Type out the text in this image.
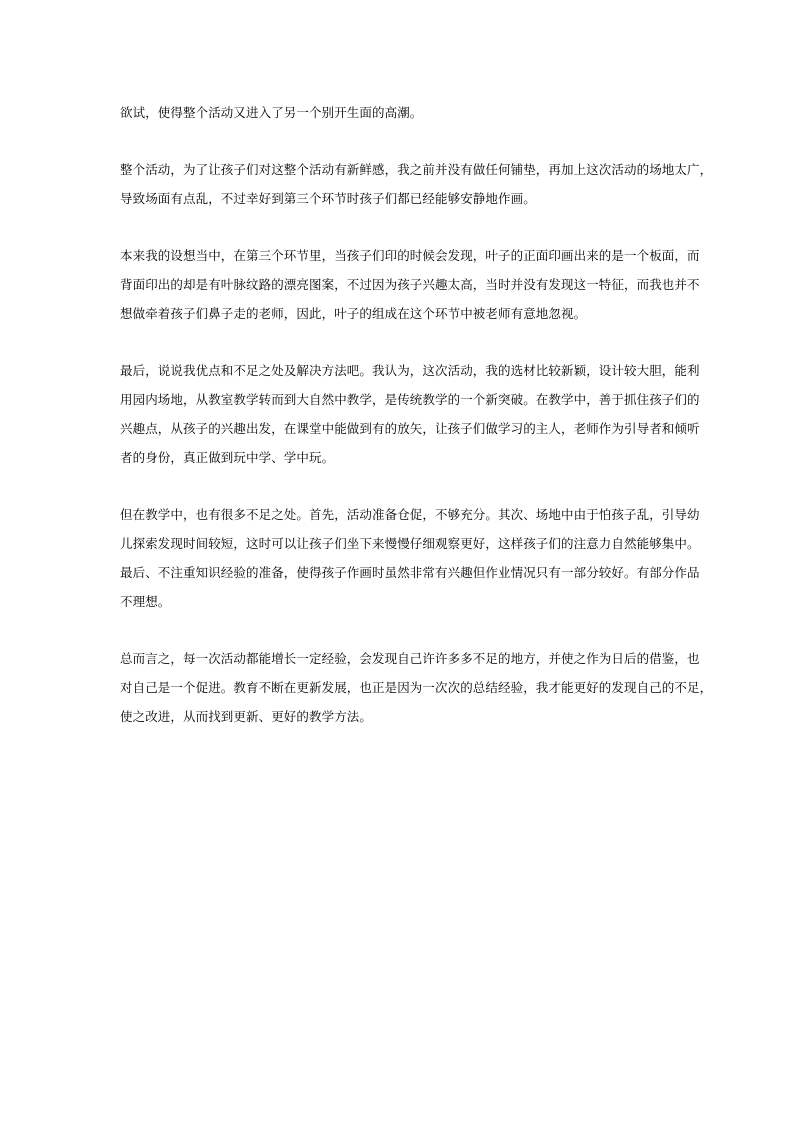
欲试，使得整个活动又进入了另一个别开生面的高潮。

整个活动，为了让孩子们对这整个活动有新鲜感，我之前并没有做任何铺垫，再加上这次活动的场地太广，
导致场面有点乱，不过幸好到第三个环节时孩子们都已经能够安静地作画。

本来我的设想当中，在第三个环节里，当孩子们印的时候会发现，叶子的正面印画出来的是一个板面，而
背面印出的却是有叶脉纹路的漂亮图案，不过因为孩子兴趣太高，当时并没有发现这一特征，而我也并不
想做牵着孩子们鼻子走的老师，因此，叶子的组成在这个环节中被老师有意地忽视。

最后，说说我优点和不足之处及解决方法吧。我认为，这次活动，我的选材比较新颖，设计较大胆，能利
用园内场地，从教室教学转而到大自然中教学，是传统教学的一个新突破。在教学中，善于抓住孩子们的
兴趣点，从孩子的兴趣出发，在课堂中能做到有的放矢，让孩子们做学习的主人，老师作为引导者和倾听
者的身份，真正做到玩中学、学中玩。

但在教学中，也有很多不足之处。首先，活动准备仓促，不够充分。其次、场地中由于怕孩子乱，引导幼
儿探索发现时间较短，这时可以让孩子们坐下来慢慢仔细观察更好，这样孩子们的注意力自然能够集中。
最后、不注重知识经验的准备，使得孩子作画时虽然非常有兴趣但作业情况只有一部分较好。有部分作品
不理想。

总而言之，每一次活动都能增长一定经验，会发现自己许许多多不足的地方，并使之作为日后的借鉴，也
对自己是一个促进。教育不断在更新发展，也正是因为一次次的总结经验，我才能更好的发现自己的不足，
使之改进，从而找到更新、更好的教学方法。
